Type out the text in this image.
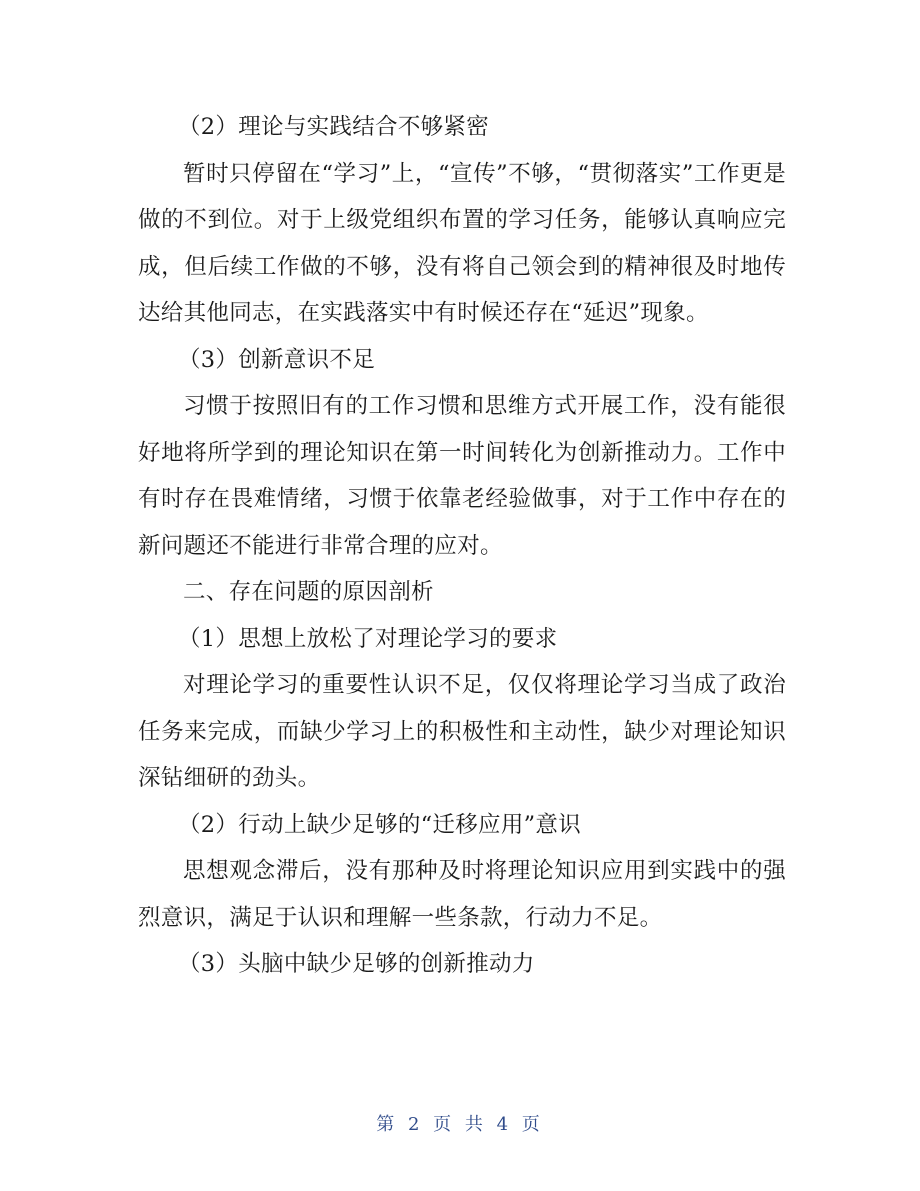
（2）理论与实践结合不够紧密

暂时只停留在“学习”上，“宣传”不够，“贯彻落实”工作更是做的不到位。对于上级党组织布置的学习任务，能够认真响应完成，但后续工作做的不够，没有将自己领会到的精神很及时地传达给其他同志，在实践落实中有时候还存在“延迟”现象。

（3）创新意识不足

习惯于按照旧有的工作习惯和思维方式开展工作，没有能很好地将所学到的理论知识在第一时间转化为创新推动力。工作中有时存在畏难情绪，习惯于依靠老经验做事，对于工作中存在的新问题还不能进行非常合理的应对。

二、存在问题的原因剖析

（1）思想上放松了对理论学习的要求

对理论学习的重要性认识不足，仅仅将理论学习当成了政治任务来完成，而缺少学习上的积极性和主动性，缺少对理论知识深钻细研的劲头。

（2）行动上缺少足够的“迁移应用”意识

思想观念滞后，没有那种及时将理论知识应用到实践中的强烈意识，满足于认识和理解一些条款，行动力不足。

（3）头脑中缺少足够的创新推动力

第 2 页 共 4 页
